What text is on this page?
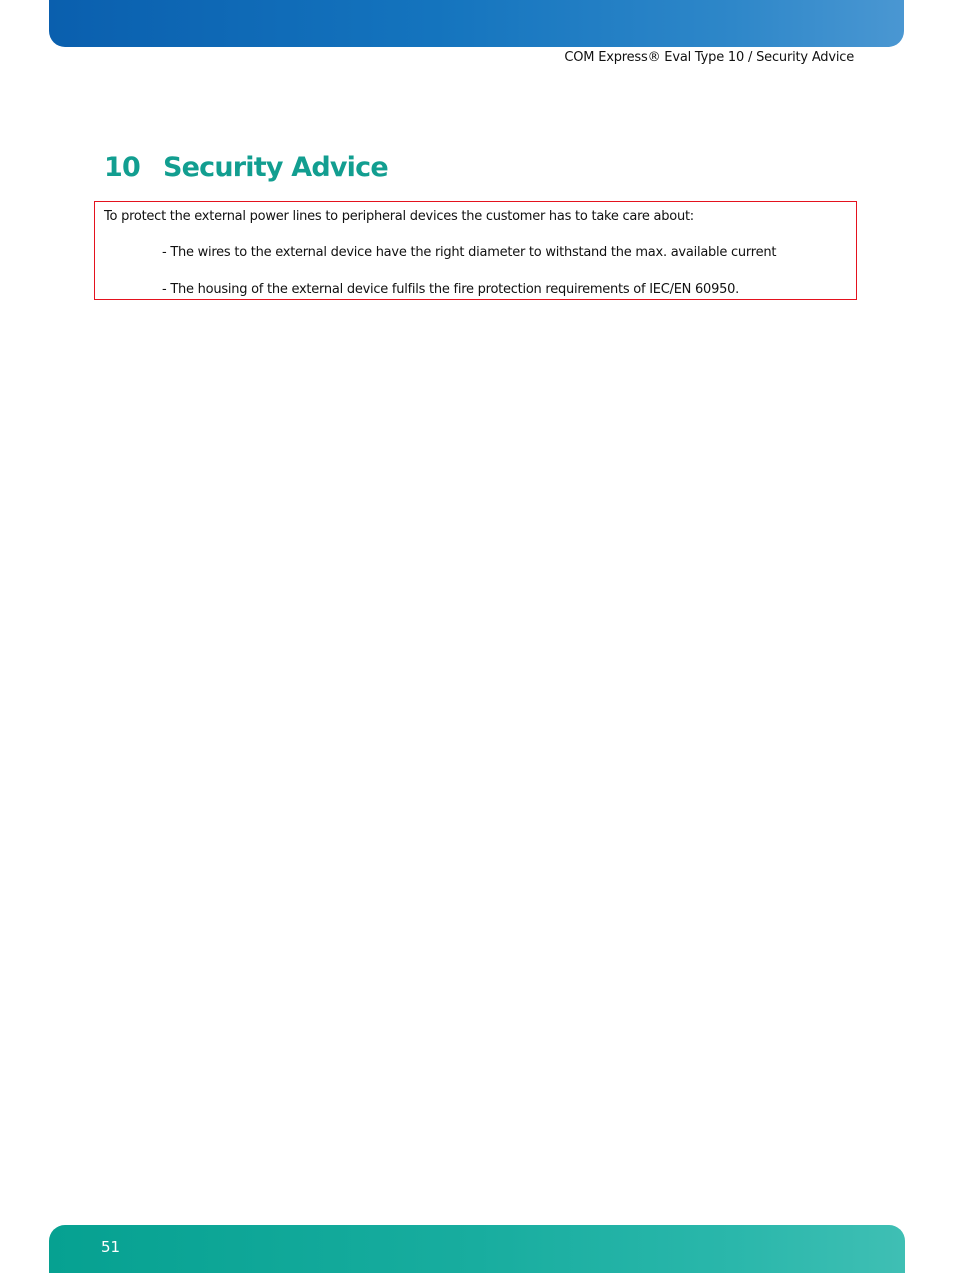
COM Express® Eval Type 10 / Security Advice
10 Security Advice
To protect the external power lines to peripheral devices the customer has to take care about:
- The wires to the external device have the right diameter to withstand the max. available current
- The housing of the external device fulfils the fire protection requirements of IEC/EN 60950.
51
